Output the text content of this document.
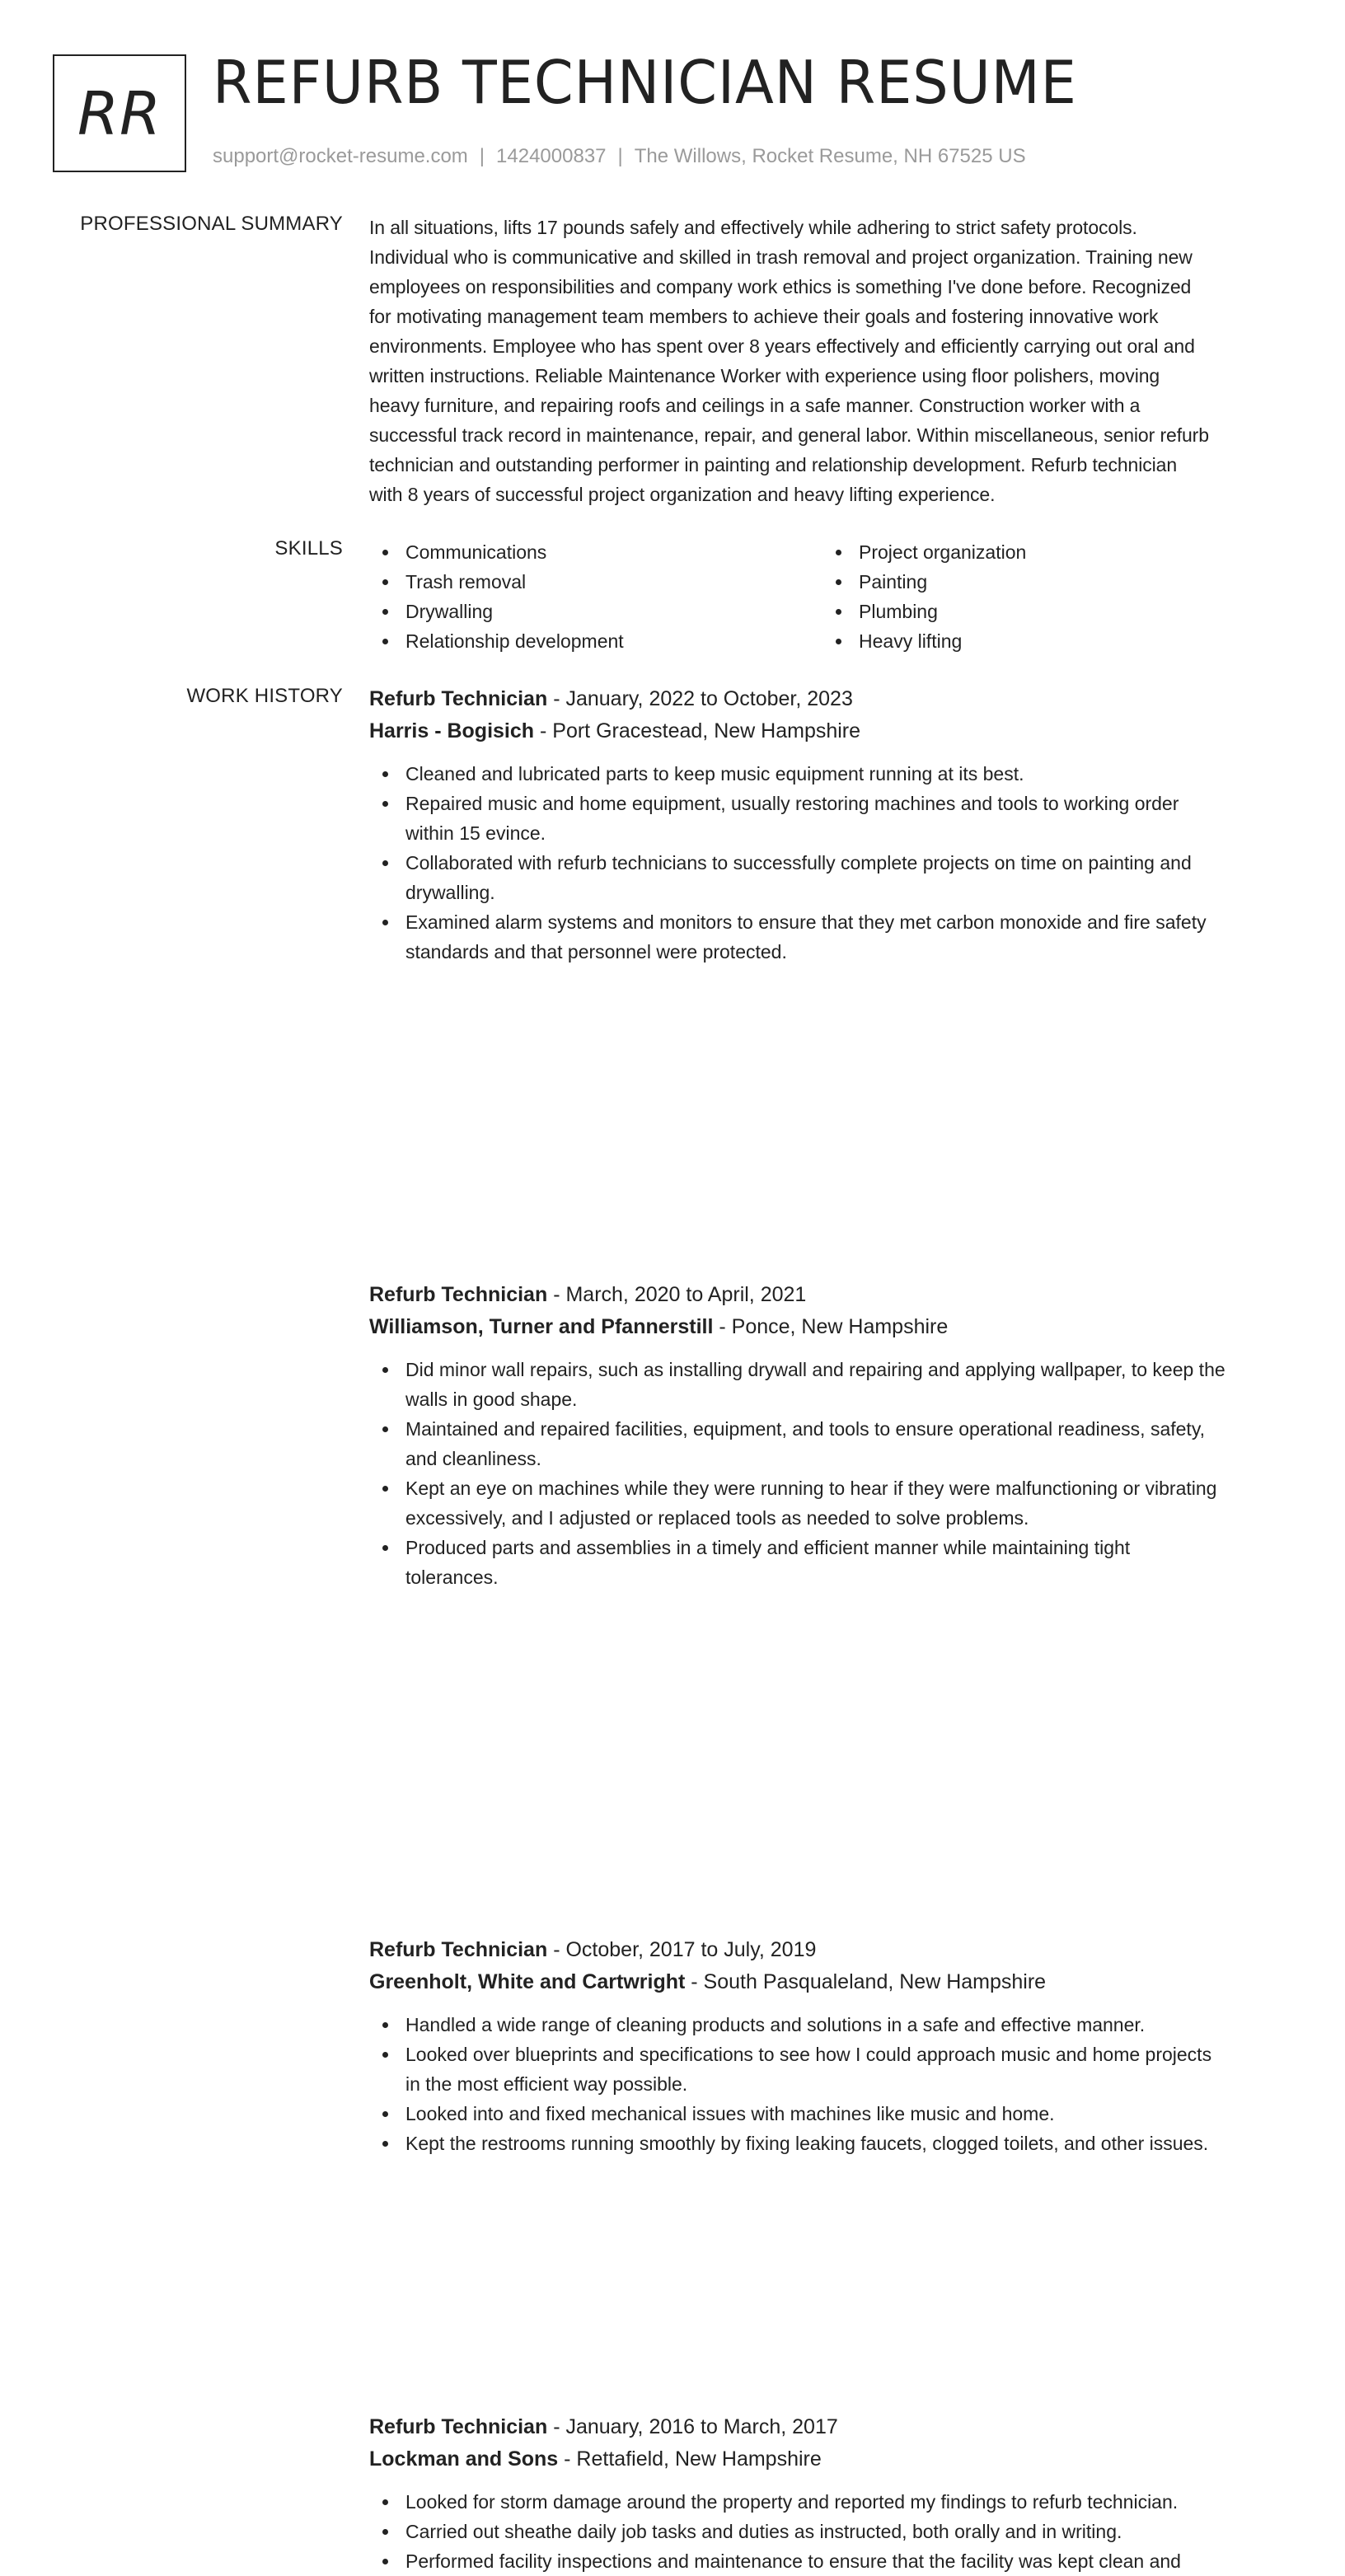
RR REFURB TECHNICIAN RESUME
support@rocket-resume.com | 1424000837 | The Willows, Rocket Resume, NH 67525 US
PROFESSIONAL SUMMARY In all situations, lifts 17 pounds safely and effectively while adhering to strict safety protocols.
Individual who is communicative and skilled in trash removal and project organization. Training new
employees on responsibilities and company work ethics is something I've done before. Recognized
for motivating management team members to achieve their goals and fostering innovative work
environments. Employee who has spent over 8 years effectively and efficiently carrying out oral and
written instructions. Reliable Maintenance Worker with experience using floor polishers, moving
heavy furniture, and repairing roofs and ceilings in a safe manner. Construction worker with a
successful track record in maintenance, repair, and general labor. Within miscellaneous, senior refurb
technician and outstanding performer in painting and relationship development. Refurb technician
with 8 years of successful project organization and heavy lifting experience.
SKILLS	Communications
Trash removal
Drywalling
Relationship development
Project organization
Painting
Plumbing
Heavy lifting
WORK HISTORY Refurb Technician - January, 2022 to October, 2023
Harris - Bogisich - Port Gracestead, New Hampshire
Cleaned and lubricated parts to keep music equipment running at its best.
Repaired music and home equipment, usually restoring machines and tools to working order
within 15 evince.
Collaborated with refurb technicians to successfully complete projects on time on painting and
drywalling.
Examined alarm systems and monitors to ensure that they met carbon monoxide and fire safety
standards and that personnel were protected.
Refurb Technician - March, 2020 to April, 2021
Williamson, Turner and Pfannerstill - Ponce, New Hampshire
Did minor wall repairs, such as installing drywall and repairing and applying wallpaper, to keep the
walls in good shape.
Maintained and repaired facilities, equipment, and tools to ensure operational readiness, safety,
and cleanliness.
Kept an eye on machines while they were running to hear if they were malfunctioning or vibrating
excessively, and I adjusted or replaced tools as needed to solve problems.
Produced parts and assemblies in a timely and efficient manner while maintaining tight
tolerances.
Refurb Technician - October, 2017 to July, 2019
Greenholt, White and Cartwright - South Pasqualeland, New Hampshire
Handled a wide range of cleaning products and solutions in a safe and effective manner.
Looked over blueprints and specifications to see how I could approach music and home projects
in the most efficient way possible.
Looked into and fixed mechanical issues with machines like music and home.
Kept the restrooms running smoothly by fixing leaking faucets, clogged toilets, and other issues.
Refurb Technician - January, 2016 to March, 2017
Lockman and Sons - Rettafield, New Hampshire
Looked for storm damage around the property and reported my findings to refurb technician.
Carried out sheathe daily job tasks and duties as instructed, both orally and in writing.
Performed facility inspections and maintenance to ensure that the facility was kept clean and
